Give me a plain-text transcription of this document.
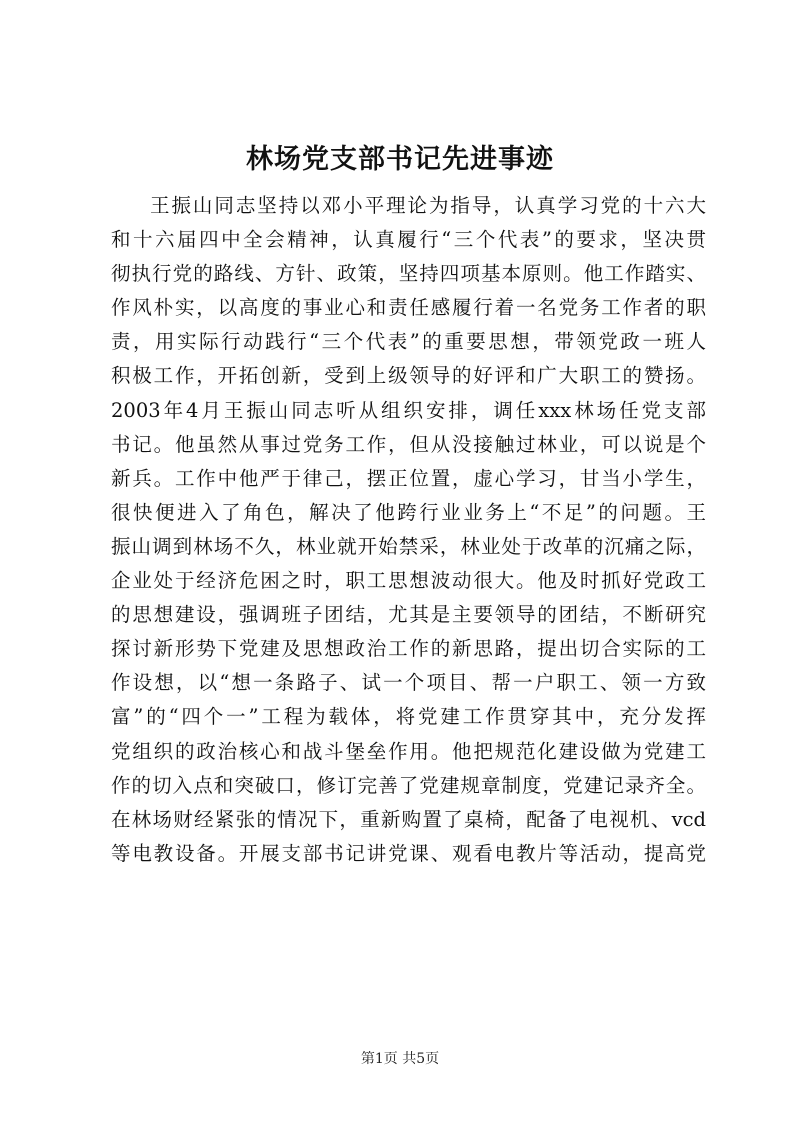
林场党支部书记先进事迹
王振山同志坚持以邓小平理论为指导，认真学习党的十六大
和十六届四中全会精神，认真履行“三个代表”的要求，坚决贯
彻执行党的路线、方针、政策，坚持四项基本原则。他工作踏实、
作风朴实，以高度的事业心和责任感履行着一名党务工作者的职
责，用实际行动践行“三个代表”的重要思想，带领党政一班人
积极工作，开拓创新，受到上级领导的好评和广大职工的赞扬。
2003年4月王振山同志听从组织安排，调任xxx林场任党支部
书记。他虽然从事过党务工作，但从没接触过林业，可以说是个
新兵。工作中他严于律己，摆正位置，虚心学习，甘当小学生，
很快便进入了角色，解决了他跨行业业务上“不足”的问题。王
振山调到林场不久，林业就开始禁采，林业处于改革的沉痛之际，
企业处于经济危困之时，职工思想波动很大。他及时抓好党政工
的思想建设，强调班子团结，尤其是主要领导的团结，不断研究
探讨新形势下党建及思想政治工作的新思路，提出切合实际的工
作设想，以“想一条路子、试一个项目、帮一户职工、领一方致
富”的“四个一”工程为载体，将党建工作贯穿其中，充分发挥
党组织的政治核心和战斗堡垒作用。他把规范化建设做为党建工
作的切入点和突破口，修订完善了党建规章制度，党建记录齐全。
在林场财经紧张的情况下，重新购置了桌椅，配备了电视机、vcd
等电教设备。开展支部书记讲党课、观看电教片等活动，提高党
第1页 共5页
